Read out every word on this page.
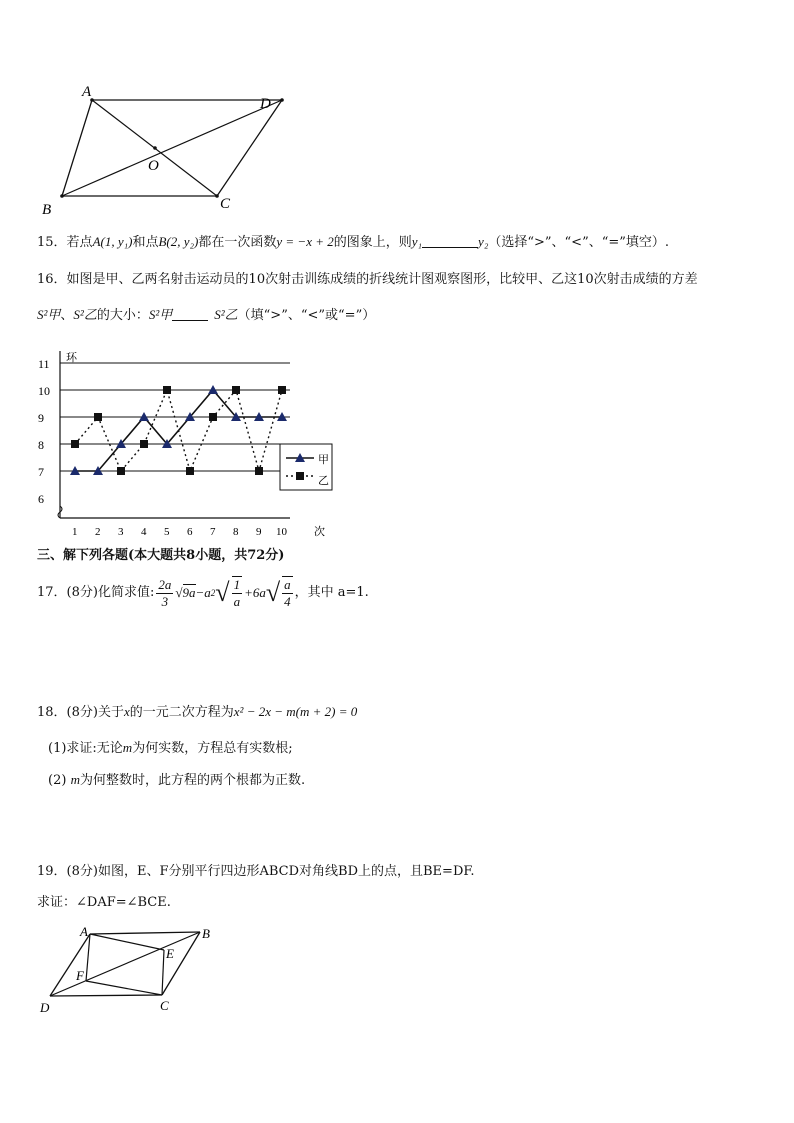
A
D
O
B	C
15．若点A(1, y₁)和点B(2, y₂)都在一次函数y = −x + 2的图象上，则y₁	y₂（选择“>”、“<”、“=”填空）.
16．如图是甲、乙两名射击运动员的10次射击训练成绩的折线统计图观察图形，比较甲、乙这10次射击成绩的方差
S²甲、S²乙的大小：S²甲	S²乙（填“>”、“<”或“=”）
6
7
8
9
10
11
1 2 3 4 5 6 7 8 9 10
环
次
甲
乙
三、解下列各题(本大题共8小题，共72分)
17． (8分) 化简求值: $\frac{2a}{3} √9a -a$ 2 √ $\frac{1}{a} +6a$ √ $\frac{a}{4}$ ，其中 a=1.
18．(8分)关于x的一元二次方程为x² − 2x − m(m + 2) = 0
(1)求证:无论m为何实数，方程总有实数根;
(2) m为何整数时，此方程的两个根都为正数.
19．(8分)如图，E、F分别平行四边形ABCD对角线BD上的点，且BE=DF.
求证：∠DAF=∠BCE.
A	B
E
F
D	C
